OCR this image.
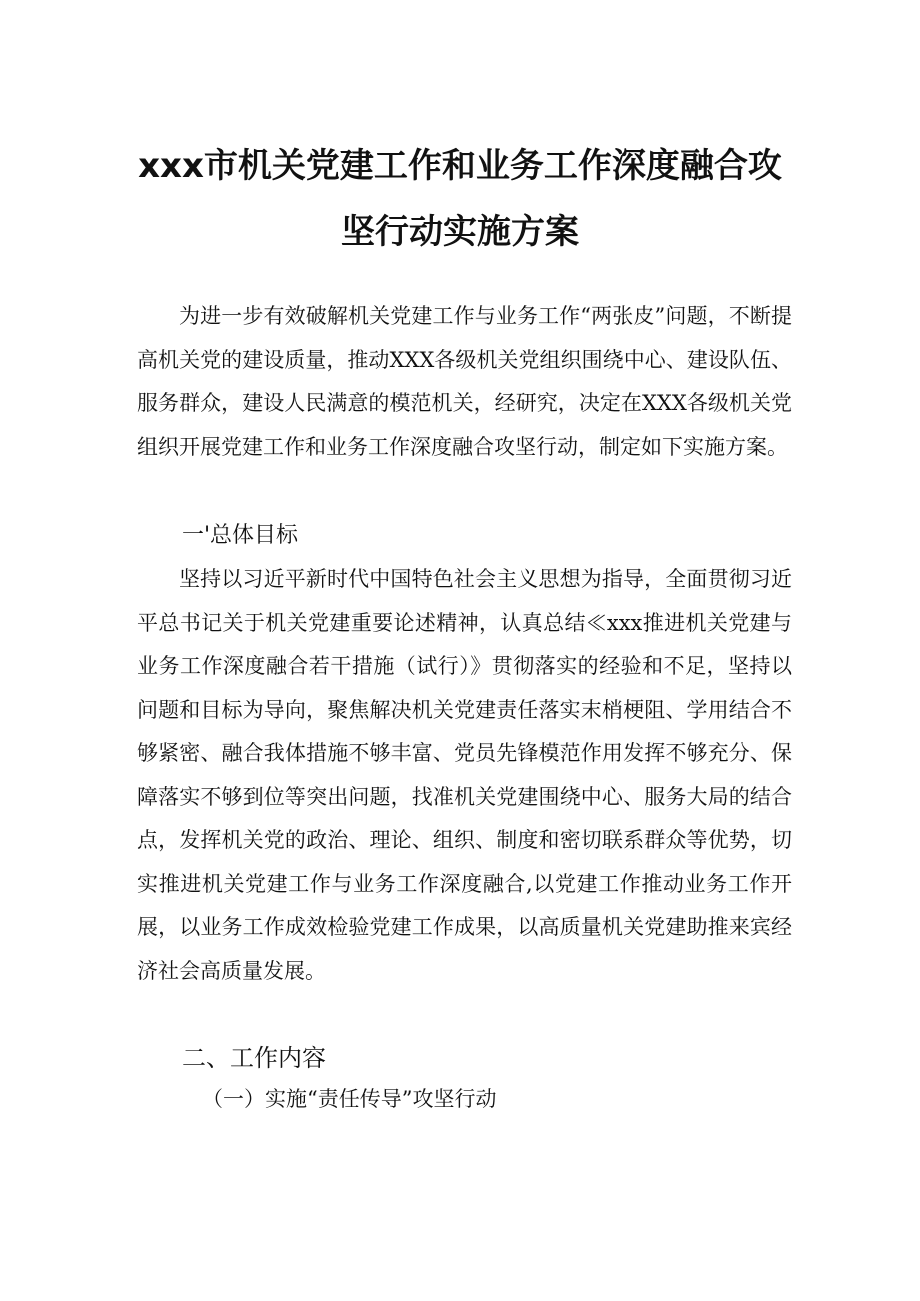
xxx市机关党建工作和业务工作深度融合攻
坚行动实施方案
为进一步有效破解机关党建工作与业务工作“两张皮”问题，不断提高机关党的建设质量，推动XXX各级机关党组织围绕中心、建设队伍、服务群众，建设人民满意的模范机关，经研究，决定在XXX各级机关党组织开展党建工作和业务工作深度融合攻坚行动，制定如下实施方案。
一'总体目标
坚持以习近平新时代中国特色社会主义思想为指导，全面贯彻习近平总书记关于机关党建重要论述精神，认真总结≪xxx推进机关党建与业务工作深度融合若干措施（试行）》贯彻落实的经验和不足，坚持以问题和目标为导向，聚焦解决机关党建责任落实末梢梗阻、学用结合不够紧密、融合我体措施不够丰富、党员先锋模范作用发挥不够充分、保障落实不够到位等突出问题，找准机关党建围绕中心、服务大局的结合点，发挥机关党的政治、理论、组织、制度和密切联系群众等优势，切实推进机关党建工作与业务工作深度融合,以党建工作推动业务工作开展，以业务工作成效检验党建工作成果，以高质量机关党建助推来宾经济社会高质量发展。
二、工作内容
（一）实施“责任传导”攻坚行动
